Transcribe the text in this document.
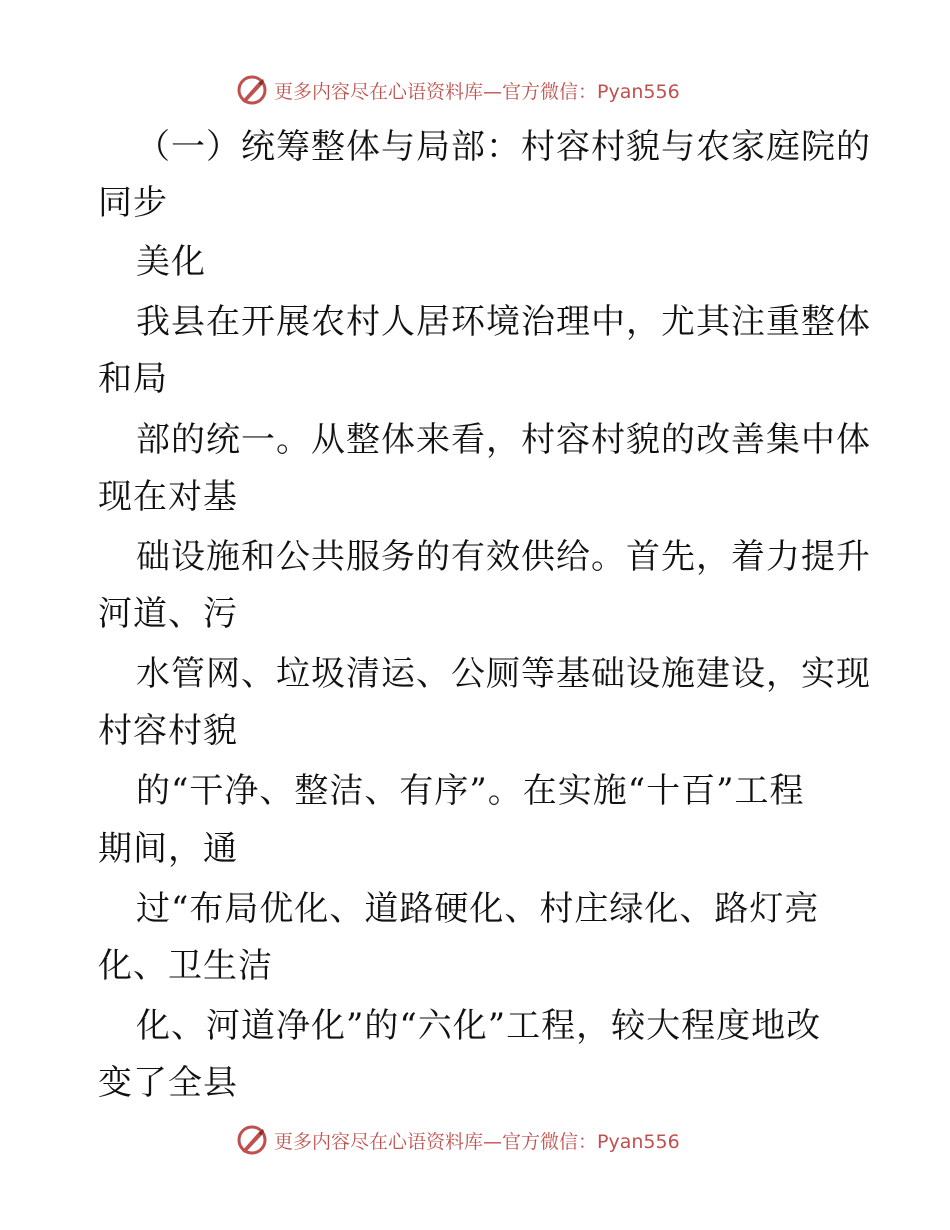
更多内容尽在心语资料库—官方微信：Pyan556
（一）统筹整体与局部：村容村貌与农家庭院的
同步
美化
我县在开展农村人居环境治理中，尤其注重整体
和局
部的统一。从整体来看，村容村貌的改善集中体
现在对基
础设施和公共服务的有效供给。首先，着力提升
河道、污
水管网、垃圾清运、公厕等基础设施建设，实现
村容村貌
的“干净、整洁、有序”。在实施“十百”工程
期间，通
过“布局优化、道路硬化、村庄绿化、路灯亮
化、卫生洁
化、河道净化”的“六化”工程，较大程度地改
变了全县
更多内容尽在心语资料库—官方微信：Pyan556
